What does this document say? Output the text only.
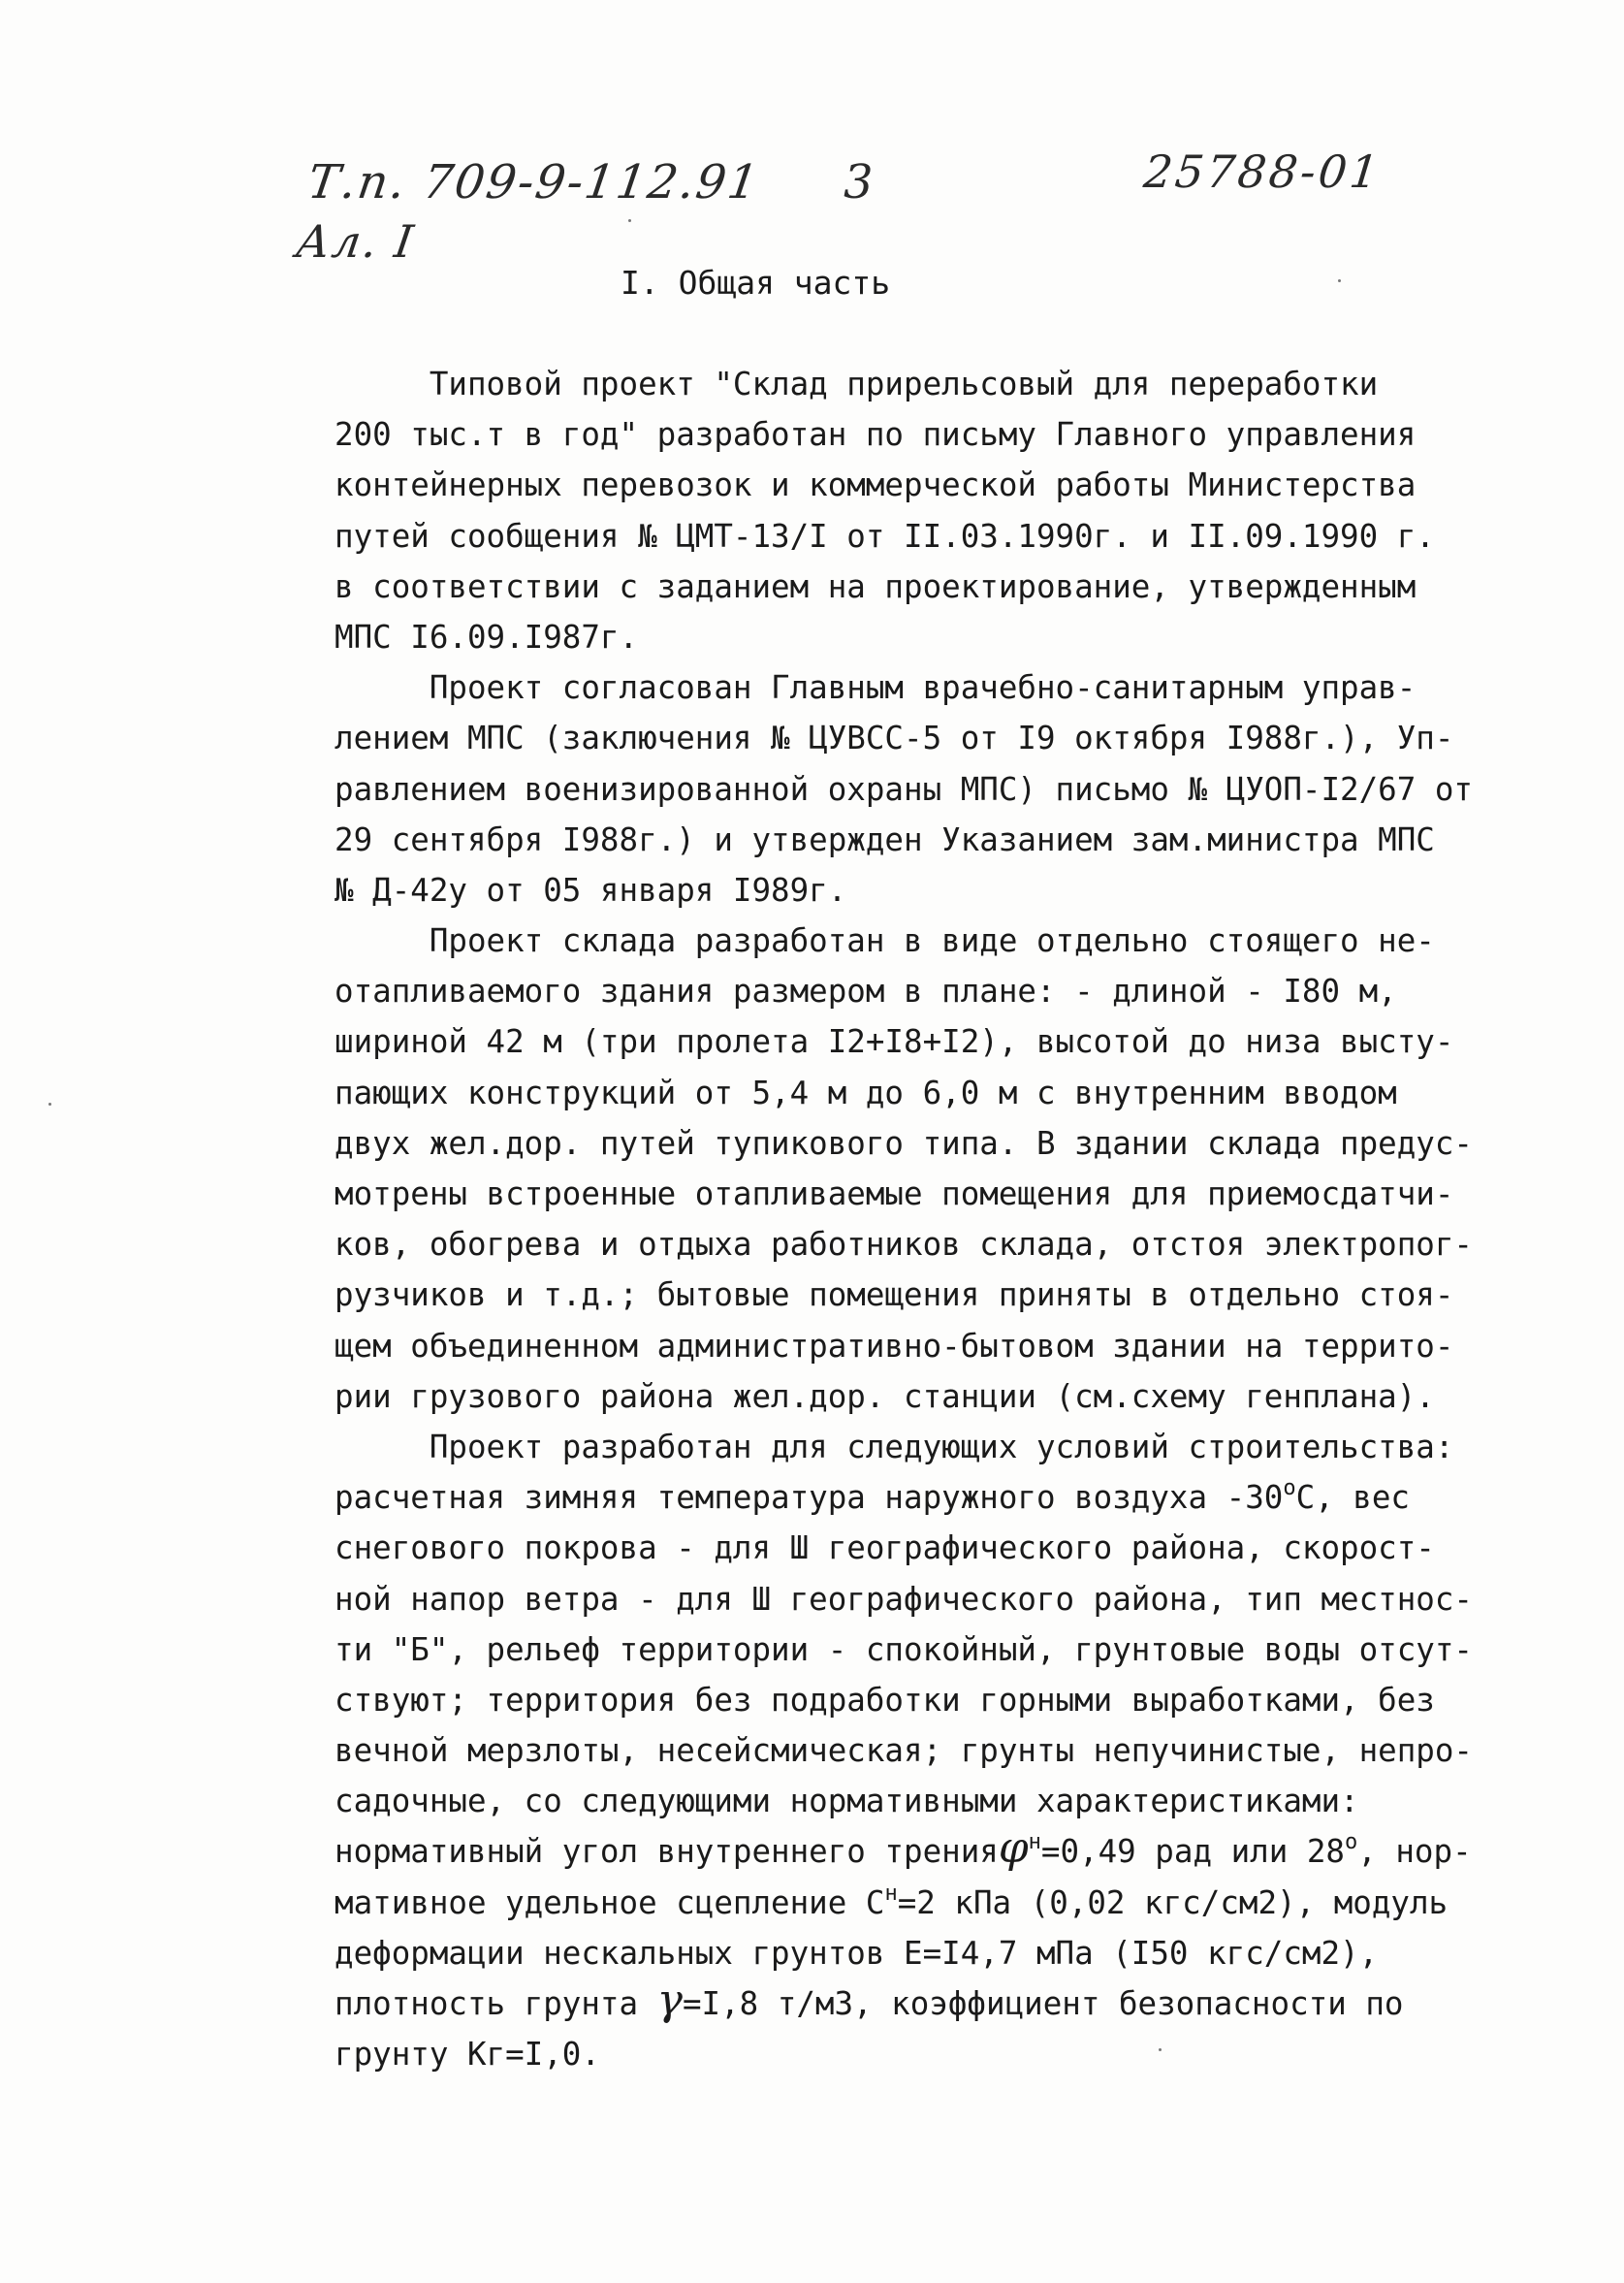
Т.п. 709-9-112.91
Ал. I
3	25788-01
I. Общая часть
Типовой проект "Склад прирельсовый для переработки
200 тыс.т в год" разработан по письму Главного управления
контейнерных перевозок и коммерческой работы Министерства
путей сообщения № ЦМТ-13/I от II.03.1990г. и II.09.1990 г.
в соответствии с заданием на проектирование, утвержденным
МПС I6.09.I987г.
Проект согласован Главным врачебно-санитарным управ-
лением МПС (заключения № ЦУВСС-5 от I9 октября I988г.), Уп-
равлением военизированной охраны МПС) письмо № ЦУОП-I2/67 от
29 сентября I988г.) и утвержден Указанием зам.министра МПС
№ Д-42у от 05 января I989г.
Проект склада разработан в виде отдельно стоящего не-
отапливаемого здания размером в плане: - длиной - I80 м,
шириной 42 м (три пролета I2+I8+I2), высотой до низа высту-
пающих конструкций от 5,4 м до 6,0 м с внутренним вводом
двух жел.дор. путей тупикового типа. В здании склада предус-
мотрены встроенные отапливаемые помещения для приемосдатчи-
ков, обогрева и отдыха работников склада, отстоя электропог-
рузчиков и т.д.; бытовые помещения приняты в отдельно стоя-
щем объединенном административно-бытовом здании на террито-
рии грузового района жел.дор. станции (см.схему генплана).
Проект разработан для следующих условий строительства:
расчетная зимняя температура наружного воздуха $-30^оС$, вес
снегового покрова - для Ш географического района, скорост-
ной напор ветра - для Ш географического района, тип местнос-
ти "Б", рельеф территории - спокойный, грунтовые воды отсут-
ствуют; территория без подработки горными выработками, без
вечной мерзлоты, несейсмическая; грунты непучинистые, непро-
садочные, со следующими нормативными характеристиками:
нормативный угол внутреннего тренияφ$^н$=0,49 рад или $28^о$, нор-
мативное удельное сцепление $С^н=2$ кПа (0,02 кгс/см2), модуль
деформации нескальных грунтов Е=I4,7 мПа (I50 кгс/см2),
плотность грунта γ=I,8 т/м3, коэффициент безопасности по
грунту Кг=I,0.
